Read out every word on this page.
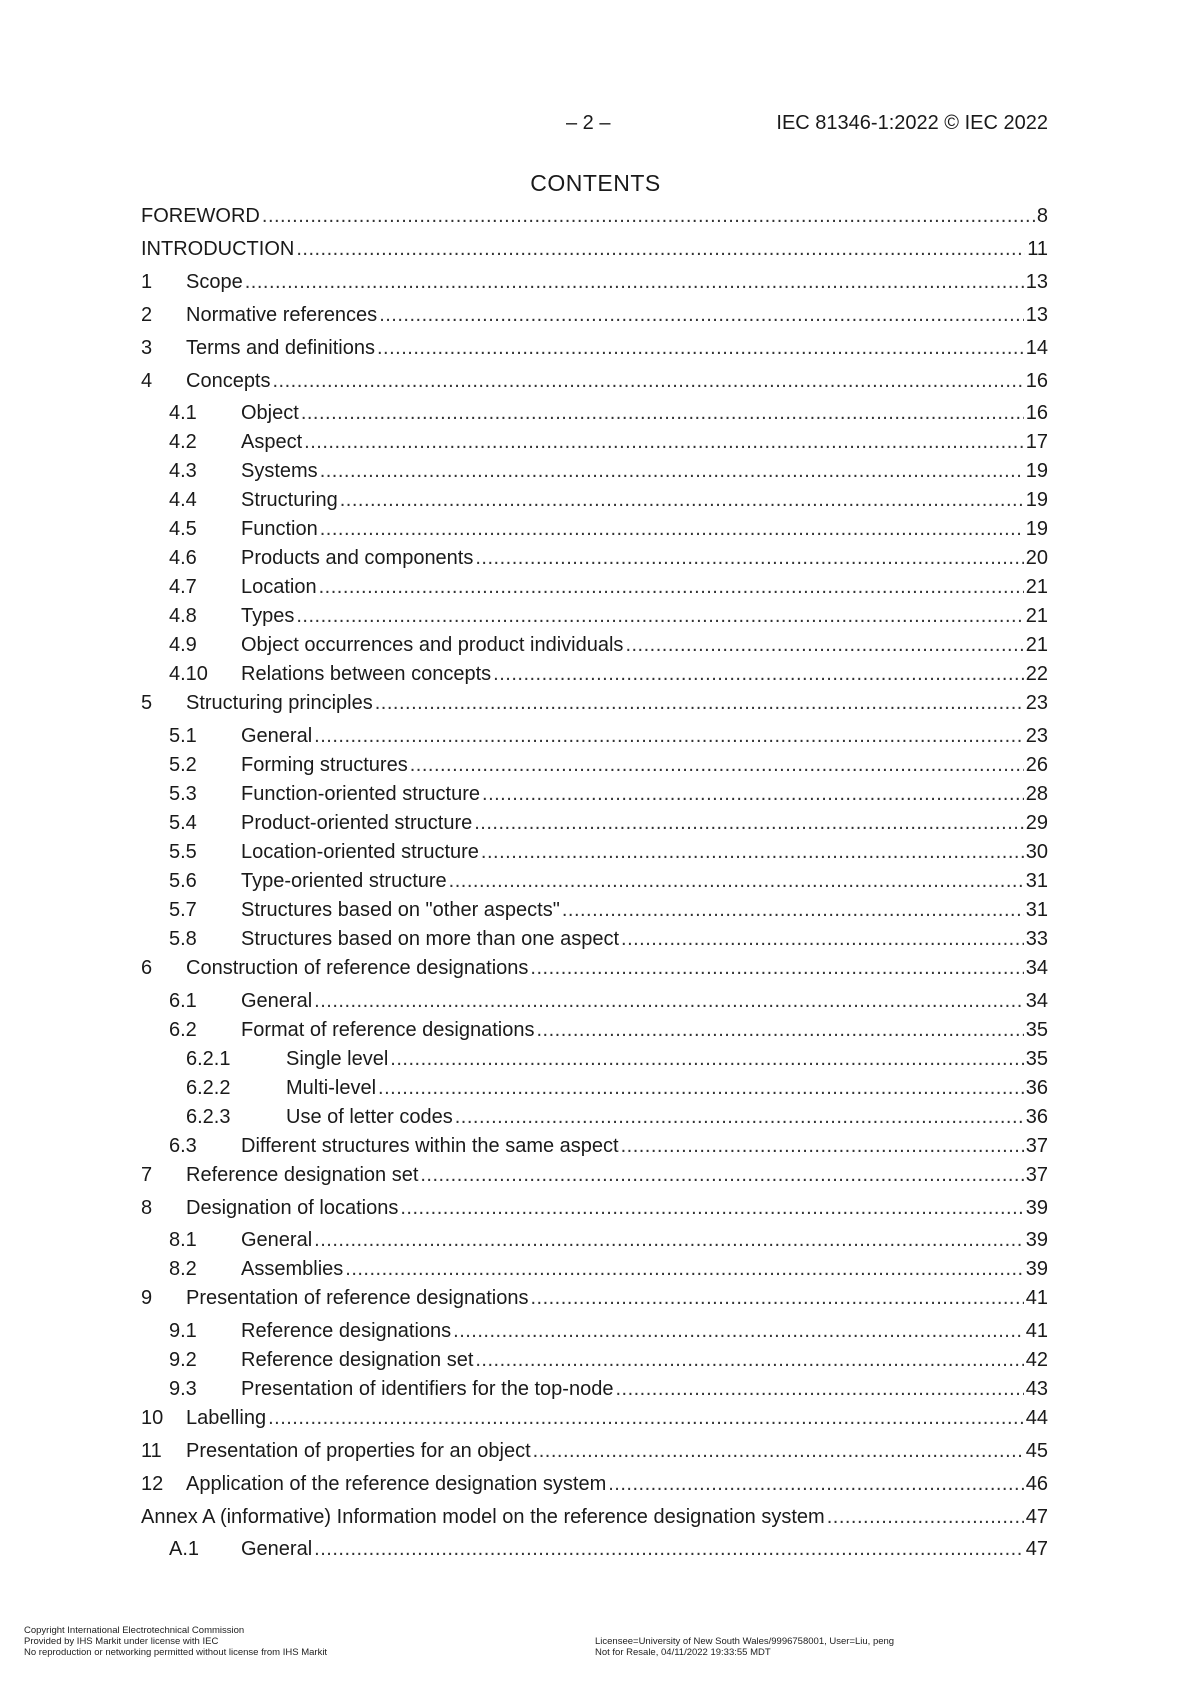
– 2 –	IEC 81346-1:2022 © IEC 2022
CONTENTS
FOREWORD .....	8
INTRODUCTION .....	11
1	Scope .....	13
2	Normative references .....	13
3	Terms and definitions .....	14
4	Concepts .....	16
4.1	Object .....	16
4.2	Aspect .....	17
4.3	Systems .....	19
4.4	Structuring .....	19
4.5	Function .....	19
4.6	Products and components .....	20
4.7	Location .....	21
4.8	Types .....	21
4.9	Object occurrences and product individuals .....	21
4.10	Relations between concepts .....	22
5	Structuring principles .....	23
5.1	General .....	23
5.2	Forming structures .....	26
5.3	Function-oriented structure .....	28
5.4	Product-oriented structure .....	29
5.5	Location-oriented structure .....	30
5.6	Type-oriented structure .....	31
5.7	Structures based on "other aspects" .....	31
5.8	Structures based on more than one aspect .....	33
6	Construction of reference designations .....	34
6.1	General .....	34
6.2	Format of reference designations .....	35
6.2.1	Single level .....	35
6.2.2	Multi-level .....	36
6.2.3	Use of letter codes .....	36
6.3	Different structures within the same aspect .....	37
7	Reference designation set .....	37
8	Designation of locations .....	39
8.1	General .....	39
8.2	Assemblies .....	39
9	Presentation of reference designations .....	41
9.1	Reference designations .....	41
9.2	Reference designation set .....	42
9.3	Presentation of identifiers for the top-node .....	43
10	Labelling .....	44
11	Presentation of properties for an object .....	45
12	Application of the reference designation system .....	46
Annex A (informative) Information model on the reference designation system .....	47
A.1	General .....	47
Copyright International Electrotechnical Commission
Provided by IHS Markit under license with IEC
No reproduction or networking permitted without license from IHS Markit
Licensee=University of New South Wales/9996758001, User=Liu, peng
Not for Resale, 04/11/2022 19:33:55 MDT
